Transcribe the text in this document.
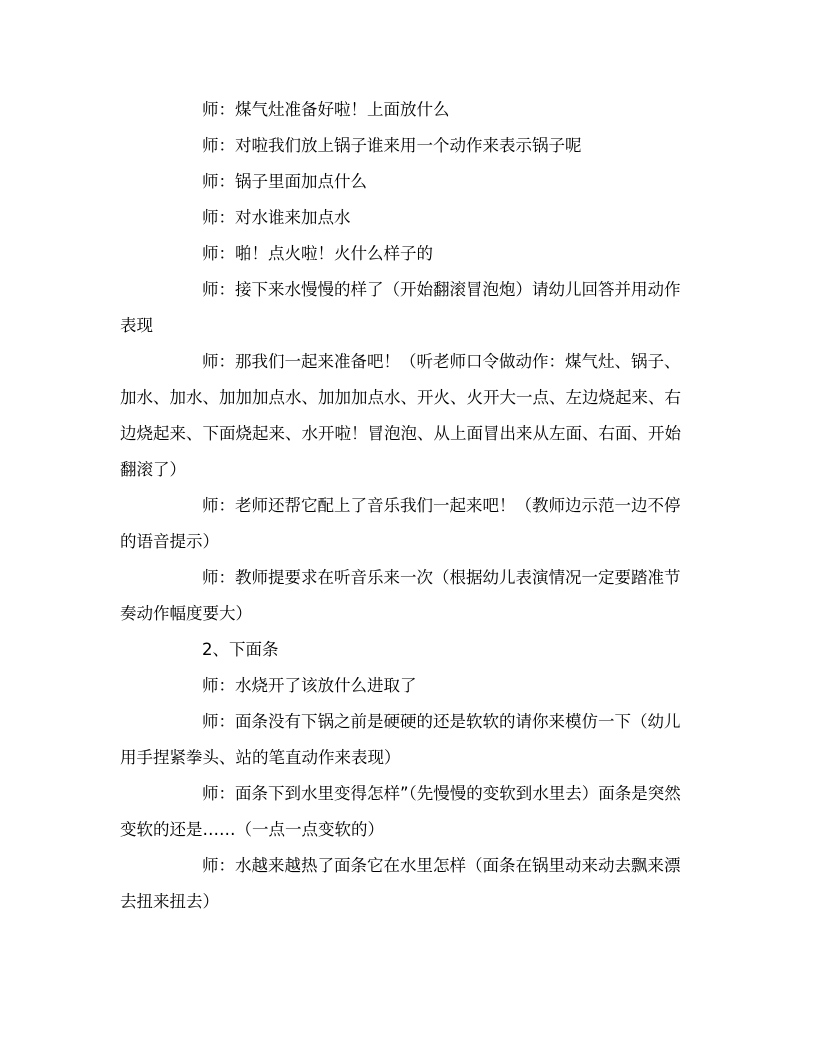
师：煤气灶准备好啦！上面放什么

师：对啦我们放上锅子谁来用一个动作来表示锅子呢

师：锅子里面加点什么

师：对水谁来加点水

师：啪！点火啦！火什么样子的

师：接下来水慢慢的样了（开始翻滚冒泡炮）请幼儿回答并用动作表现

师：那我们一起来准备吧！（听老师口令做动作：煤气灶、锅子、加水、加水、加加加点水、加加加点水、开火、火开大一点、左边烧起来、右边烧起来、下面烧起来、水开啦！冒泡泡、从上面冒出来从左面、右面、开始翻滚了）

师：老师还帮它配上了音乐我们一起来吧！（教师边示范一边不停的语音提示）

师：教师提要求在听音乐来一次（根据幼儿表演情况一定要踏准节奏动作幅度要大）

2、下面条

师：水烧开了该放什么进取了

师：面条没有下锅之前是硬硬的还是软软的请你来模仿一下（幼儿用手捏紧拳头、站的笔直动作来表现）

师：面条下到水里变得怎样”（先慢慢的变软到水里去）面条是突然变软的还是……（一点一点变软的）

师：水越来越热了面条它在水里怎样（面条在锅里动来动去飘来漂去扭来扭去）
